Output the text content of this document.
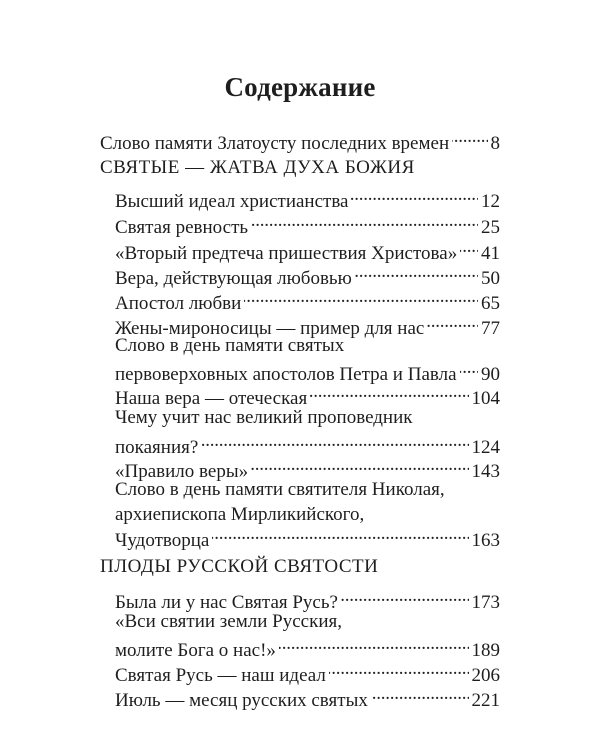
Содержание
Слово памяти Златоусту последних времен . . . 8
СВЯТЫЕ — ЖАТВА ДУХА БОЖИЯ
Высший идеал христианства . . .	12
Святая ревность . . .	25
«Вторый предтеча пришествия Христова» . . . 41
Вера, действующая любовью . . .	50
Апостол любви . . .	65
Жены-мироносицы — пример для нас . . .	77
Слово в день памяти святых
первоверховных апостолов Петра и Павла . . . 90
Наша вера — отеческая . . .	104
Чему учит нас великий проповедник
покаяния? . . .	124
«Правило веры» . . .	143
Слово в день памяти святителя Николая,
архиепископа Мирликийского,
Чудотворца . . .	163
ПЛОДЫ РУССКОЙ СВЯТОСТИ
Была ли у нас Святая Русь? . . .	173
«Вси святии земли Русския,
молите Бога о нас!» . . .	189
Святая Русь — наш идеал . . .	206
Июль — месяц русских святых . . .	221
